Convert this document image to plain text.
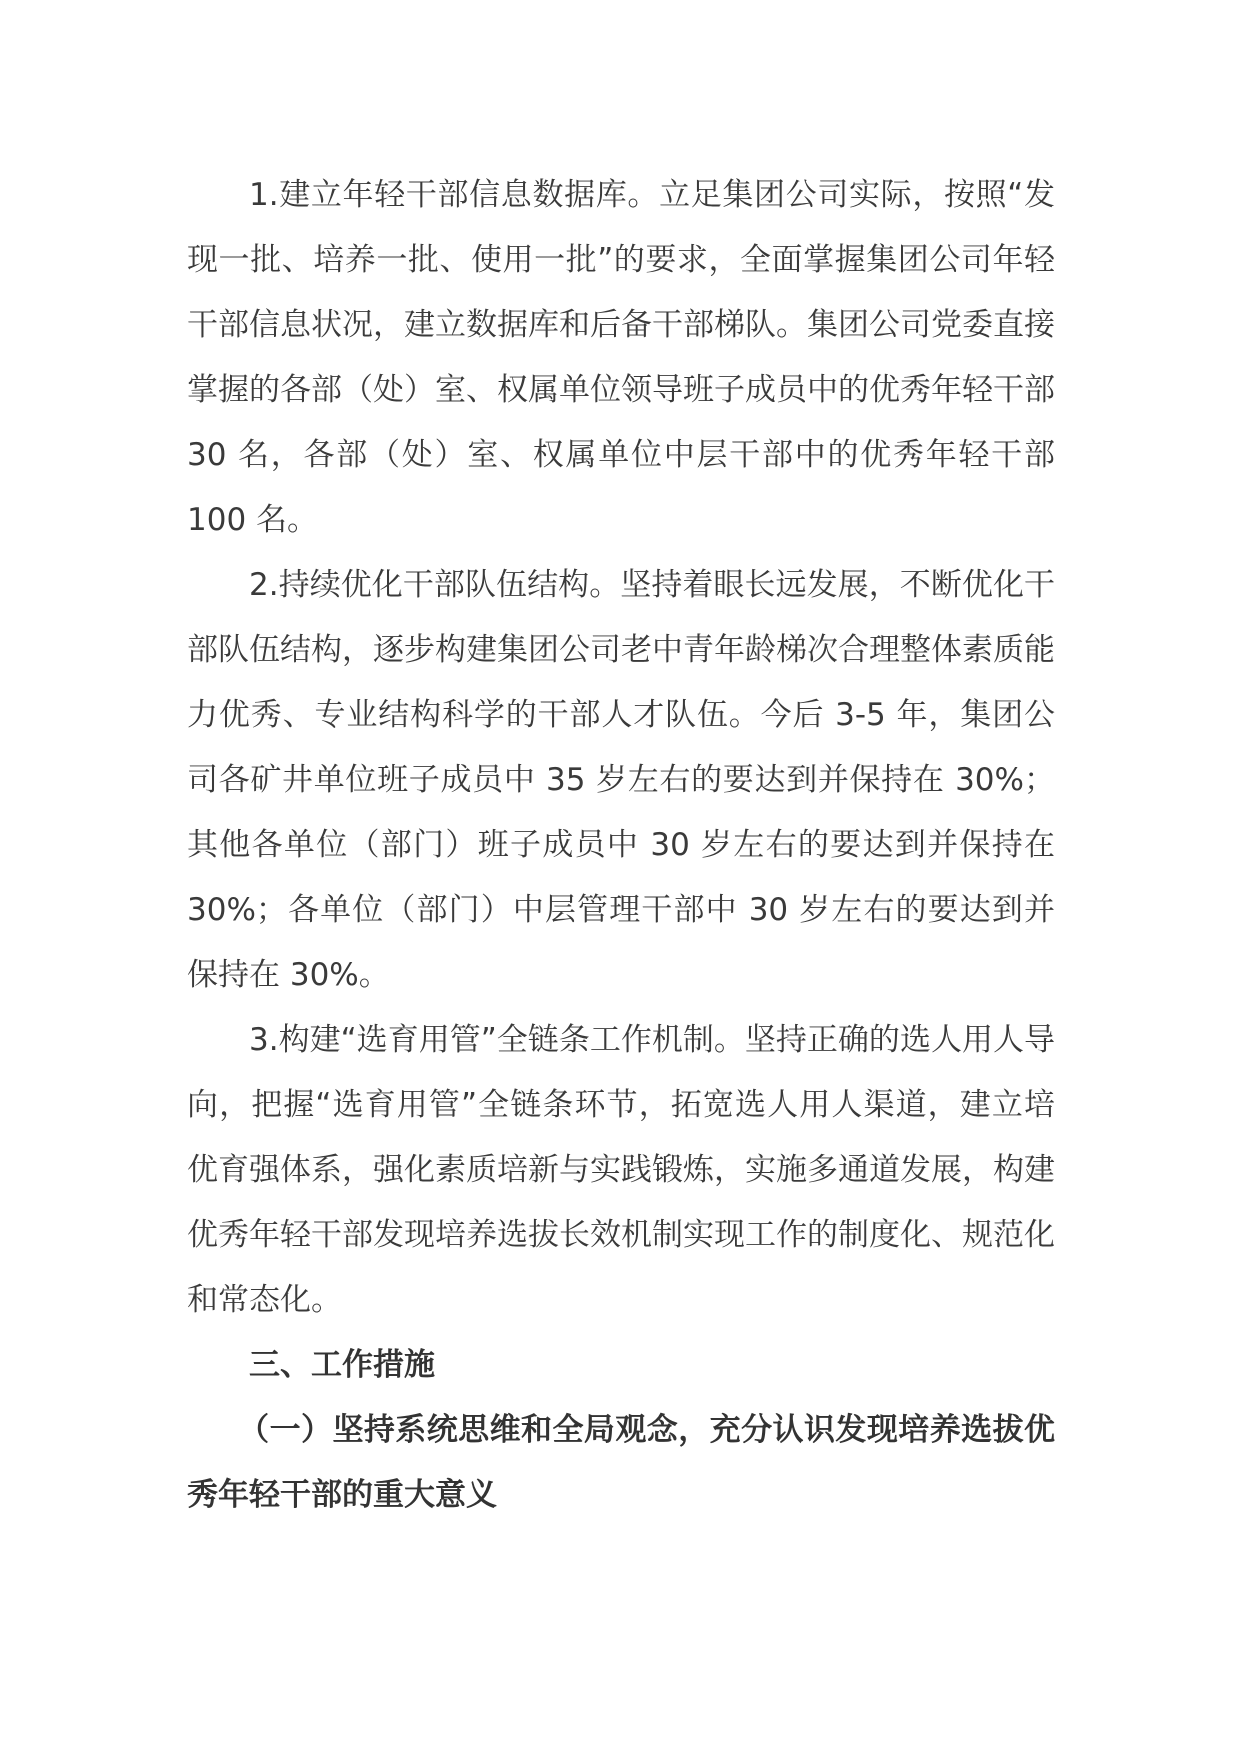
1.建立年轻干部信息数据库。立足集团公司实际，按照“发现一批、培养一批、使用一批”的要求，全面掌握集团公司年轻干部信息状况，建立数据库和后备干部梯队。集团公司党委直接掌握的各部（处）室、权属单位领导班子成员中的优秀年轻干部 30 名，各部（处）室、权属单位中层干部中的优秀年轻干部 100 名。

2.持续优化干部队伍结构。坚持着眼长远发展，不断优化干部队伍结构，逐步构建集团公司老中青年龄梯次合理整体素质能力优秀、专业结构科学的干部人才队伍。今后 3-5 年，集团公司各矿井单位班子成员中 35 岁左右的要达到并保持在 30%；其他各单位（部门）班子成员中 30 岁左右的要达到并保持在 30%；各单位（部门）中层管理干部中 30 岁左右的要达到并保持在 30%。

3.构建“选育用管”全链条工作机制。坚持正确的选人用人导向，把握“选育用管”全链条环节，拓宽选人用人渠道，建立培优育强体系，强化素质培新与实践锻炼，实施多通道发展，构建优秀年轻干部发现培养选拔长效机制实现工作的制度化、规范化和常态化。

三、工作措施

（一）坚持系统思维和全局观念，充分认识发现培养选拔优秀年轻干部的重大意义
